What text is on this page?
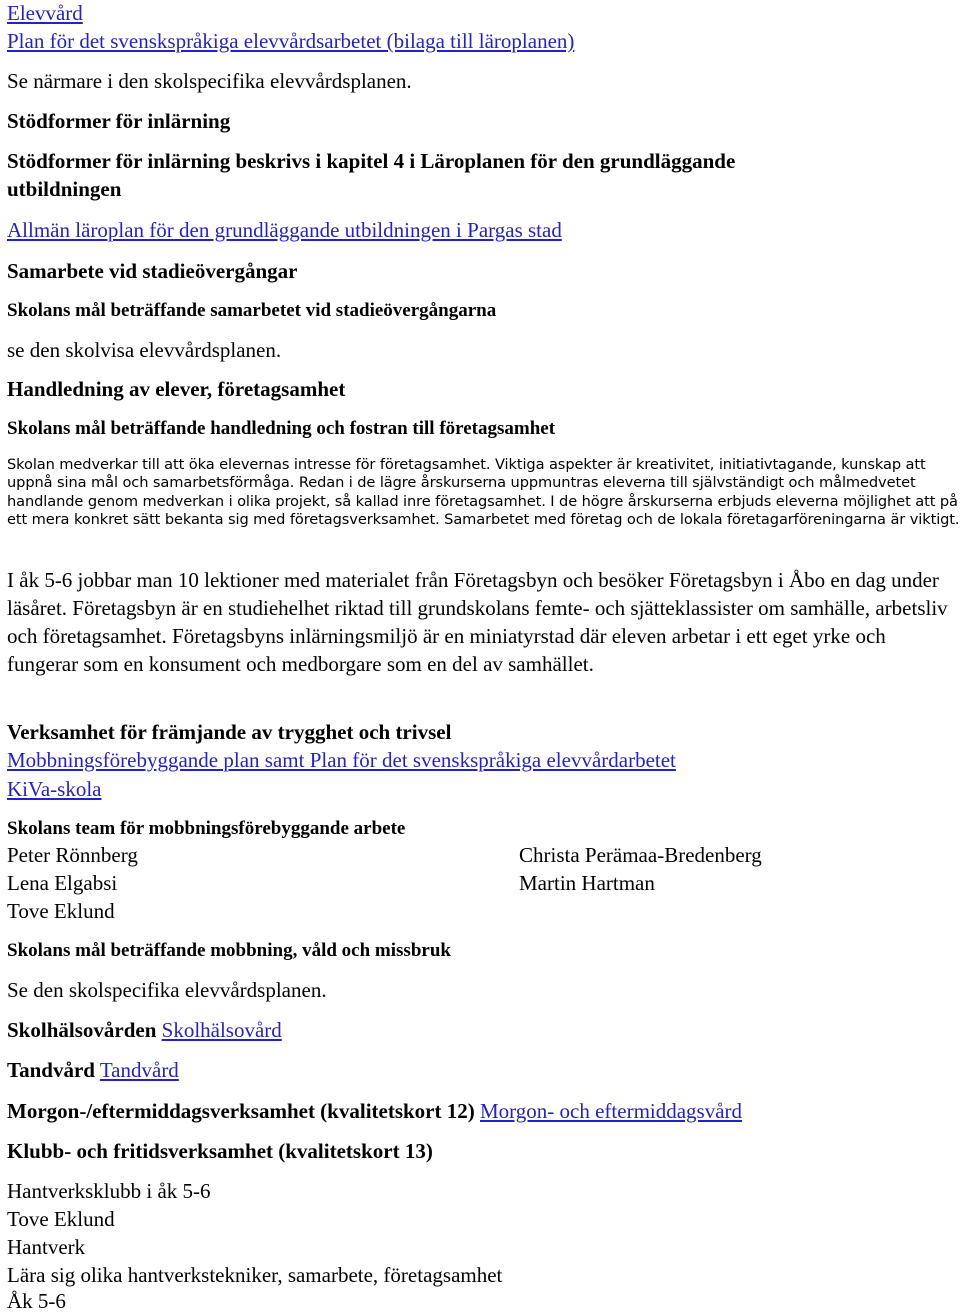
Elevvård
Plan för det svenskspråkiga elevvårdsarbetet (bilaga till läroplanen)
Se närmare i den skolspecifika elevvårdsplanen.
Stödformer för inlärning
Stödformer för inlärning beskrivs i kapitel 4 i Läroplanen för den grundläggande
utbildningen
Allmän läroplan för den grundläggande utbildningen i Pargas stad
Samarbete vid stadieövergångar
Skolans mål beträffande samarbetet vid stadieövergångarna
se den skolvisa elevvårdsplanen.
Handledning av elever, företagsamhet
Skolans mål beträffande handledning och fostran till företagsamhet
Skolan medverkar till att öka elevernas intresse för företagsamhet. Viktiga aspekter är kreativitet, initiativtagande, kunskap att uppnå sina mål och samarbetsförmåga. Redan i de lägre årskurserna uppmuntras eleverna till självständigt och målmedvetet handlande genom medverkan i olika projekt, så kallad inre företagsamhet. I de högre årskurserna erbjuds eleverna möjlighet att på ett mera konkret sätt bekanta sig med företagsverksamhet. Samarbetet med företag och de lokala företagarföreningarna är viktigt.
I åk 5-6 jobbar man 10 lektioner med materialet från Företagsbyn och besöker Företagsbyn i Åbo en dag under läsåret. Företagsbyn är en studiehelhet riktad till grundskolans femte- och sjätteklassister om samhälle, arbetsliv och företagsamhet. Företagsbyns inlärningsmiljö är en miniatyrstad där eleven arbetar i ett eget yrke och fungerar som en konsument och medborgare som en del av samhället.
Verksamhet för främjande av trygghet och trivsel
Mobbningsförebyggande plan samt Plan för det svenskspråkiga elevvårdarbetet
KiVa-skola
Skolans team för mobbningsförebyggande arbete
Peter Rönnberg
Lena Elgabsi
Tove Eklund
Christa Perämaa-Bredenberg
Martin Hartman
Skolans mål beträffande mobbning, våld och missbruk
Se den skolspecifika elevvårdsplanen.
Skolhälsovården Skolhälsovård
Tandvård Tandvård
Morgon-/eftermiddagsverksamhet (kvalitetskort 12) Morgon- och eftermiddagsvård
Klubb- och fritidsverksamhet (kvalitetskort 13)
Hantverksklubb i åk 5-6
Tove Eklund
Hantverk
Lära sig olika hantverkstekniker, samarbete, företagsamhet
Åk 5-6
